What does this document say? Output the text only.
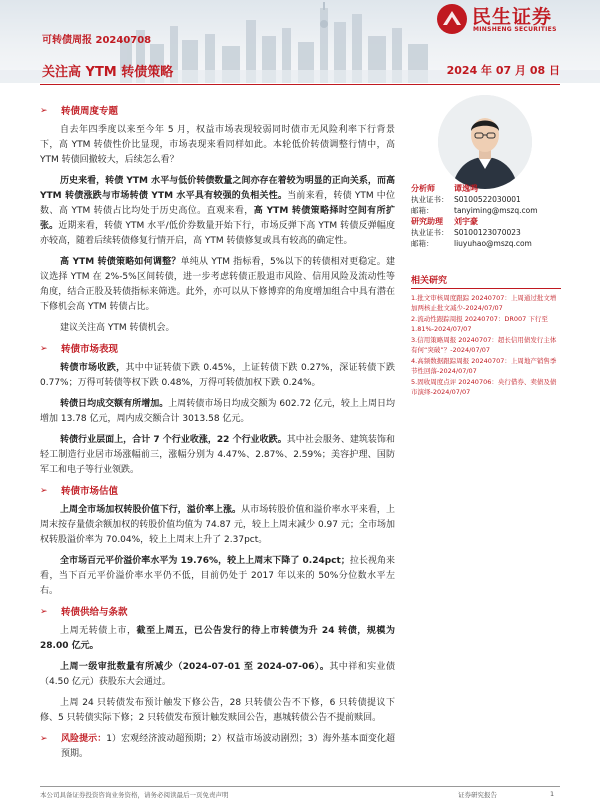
民生证券
MINSHENG SECURITIES
可转债周报 20240708
关注高 YTM 转债策略	2024 年 07 月 08 日
➢ 转债周度专题

自去年四季度以来至今年 5 月，权益市场表现较弱同时债市无风险利率下行背景下，高 YTM 转债性价比显现，市场表现来看同样如此。本轮低价转债调整行情中，高 YTM 转债回撤较大，后续怎么看？

历史来看，转债 YTM 水平与低价转债数量之间亦存在着较为明显的正向关系，而高 YTM 转债涨跌与市场转债 YTM 水平具有较强的负相关性。当前来看，转债 YTM 中位数、高 YTM 转债占比均处于历史高位。直观来看，高 YTM 转债策略择时空间有所扩张。近期来看，转债 YTM 水平/低价券数量开始下行，市场反弹下高 YTM 转债反弹幅度亦较高，随着后续转债修复行情开启，高 YTM 转债修复或具有较高的确定性。

高 YTM 转债策略如何调整？单纯从 YTM 指标看，5%以下的转债相对更稳定。建议选择 YTM 在 2%-5%区间转债，进一步考虑转债正股退市风险、信用风险及流动性等角度，结合正股及转债指标来筛选。此外，亦可以从下修博弈的角度增加组合中具有潜在下修机会高 YTM 转债占比。

建议关注高 YTM 转债机会。

➢ 转债市场表现

转债市场收跌，其中中证转债下跌 0.45%，上证转债下跌 0.27%，深证转债下跌 0.77%；万得可转债等权下跌 0.48%，万得可转债加权下跌 0.24%。

转债日均成交额有所增加。上周转债市场日均成交额为 602.72 亿元，较上上周日均增加 13.78 亿元，周内成交额合计 3013.58 亿元。

转债行业层面上，合计 7 个行业收涨，22 个行业收跌。其中社会服务、建筑装饰和轻工制造行业居市场涨幅前三，涨幅分别为 4.47%、2.87%、2.59%；美容护理、国防军工和电子等行业领跌。

➢ 转债市场估值

上周全市场加权转股价值下行，溢价率上涨。从市场转股价值和溢价率水平来看，上周末按存量债余额加权的转股价值均值为 74.87 元，较上上周末减少 0.97 元；全市场加权转股溢价率为 70.04%，较上上周末上升了 2.37pct。

全市场百元平价溢价率水平为 19.76%，较上上周末下降了 0.24pct；拉长视角来看，当下百元平价溢价率水平仍不低，目前仍处于 2017 年以来的 50%分位数水平左右。

➢ 转债供给与条款

上周无转债上市，截至上周五，已公告发行的待上市转债为升 24 转债，规模为 28.00 亿元。

上周一级审批数量有所减少（2024-07-01 至 2024-07-06）。其中祥和实业债（4.50 亿元）获股东大会通过。

上周 24 只转债发布预计触发下修公告，28 只转债公告不下修，6 只转债提议下修、5 只转债实际下修；2 只转债发布预计触发赎回公告，惠城转债公告不提前赎回。

➢	风险提示：1）宏观经济波动超预期；2）权益市场波动剧烈；3）海外基本面变化超预期。
分析师 谭逸鸣
执业证书： S0100522030001
邮箱：	tanyiming@mszq.com
研究助理 刘宇豪
执业证书： S0100123070023
邮箱：	liuyuhao@mszq.com
相关研究
1.批文审核周度跟踪 20240707：上周通过批文增加两核止批文减少-2024/07/07
2.流动性跟踪周报 20240707：DR007 下行至 1.81%-2024/07/07
3.信用策略周报 20240707：超长信用债发行主体有何“突破”？-2024/07/07
4.高频数据跟踪周报 20240707：上周地产销售季节性回落-2024/07/07
5.固收周度点评 20240706：央行借券、卖债及债市演绎-2024/07/07
本公司具备证券投资咨询业务资格，请务必阅读最后一页免责声明	证券研究报告	1
